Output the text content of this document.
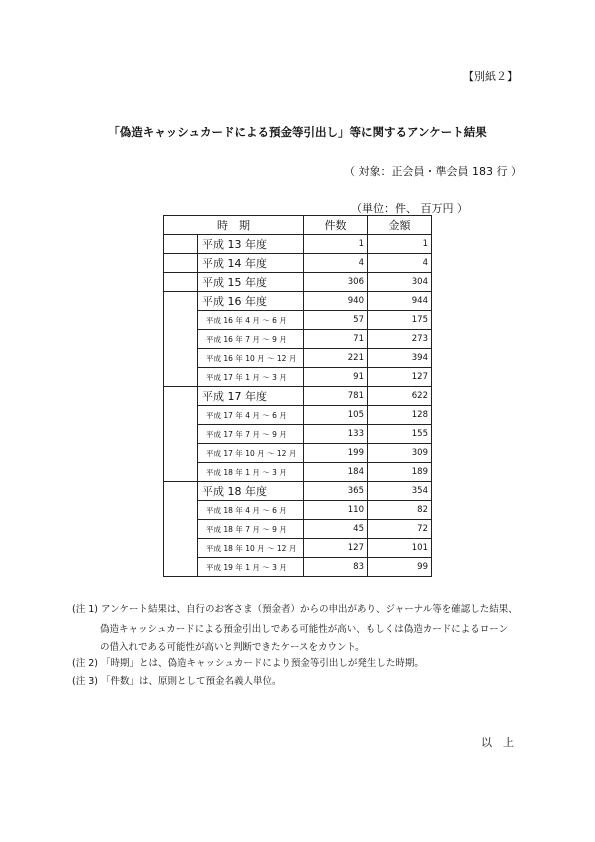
【別紙２】
「偽造キャッシュカードによる預金等引出し」等に関するアンケート結果
（ 対象：正会員・準会員 183 行 ）
（単位：件、 百万円 ）
時　期		件数	金額
	平成 13 年度	1	1
	平成 14 年度	4	4
	平成 15 年度	306	304
	平成 16 年度	940	944
	平成 16 年 4 月 ～ 6 月	57	175
	平成 16 年 7 月 ～ 9 月	71	273
	平成 16 年 10 月 ～ 12 月	221	394
	平成 17 年 1 月 ～ 3 月	91	127
	平成 17 年度	781	622
	平成 17 年 4 月 ～ 6 月	105	128
	平成 17 年 7 月 ～ 9 月	133	155
	平成 17 年 10 月 ～ 12 月	199	309
	平成 18 年 1 月 ～ 3 月	184	189
	平成 18 年度	365	354
	平成 18 年 4 月 ～ 6 月	110	82
	平成 18 年 7 月 ～ 9 月	45	72
	平成 18 年 10 月 ～ 12 月	127	101
	平成 19 年 1 月 ～ 3 月	83	99
(注 1) アンケート結果は、自行のお客さま（預金者）からの申出があり、ジャーナル等を確認した結果、
偽造キャッシュカードによる預金引出しである可能性が高い、もしくは偽造カードによるローン
の借入れである可能性が高いと判断できたケースをカウント。
(注 2) 「時期」とは、偽造キャッシュカードにより預金等引出しが発生した時期。
(注 3) 「件数」は、原則として預金名義人単位。
以　上
